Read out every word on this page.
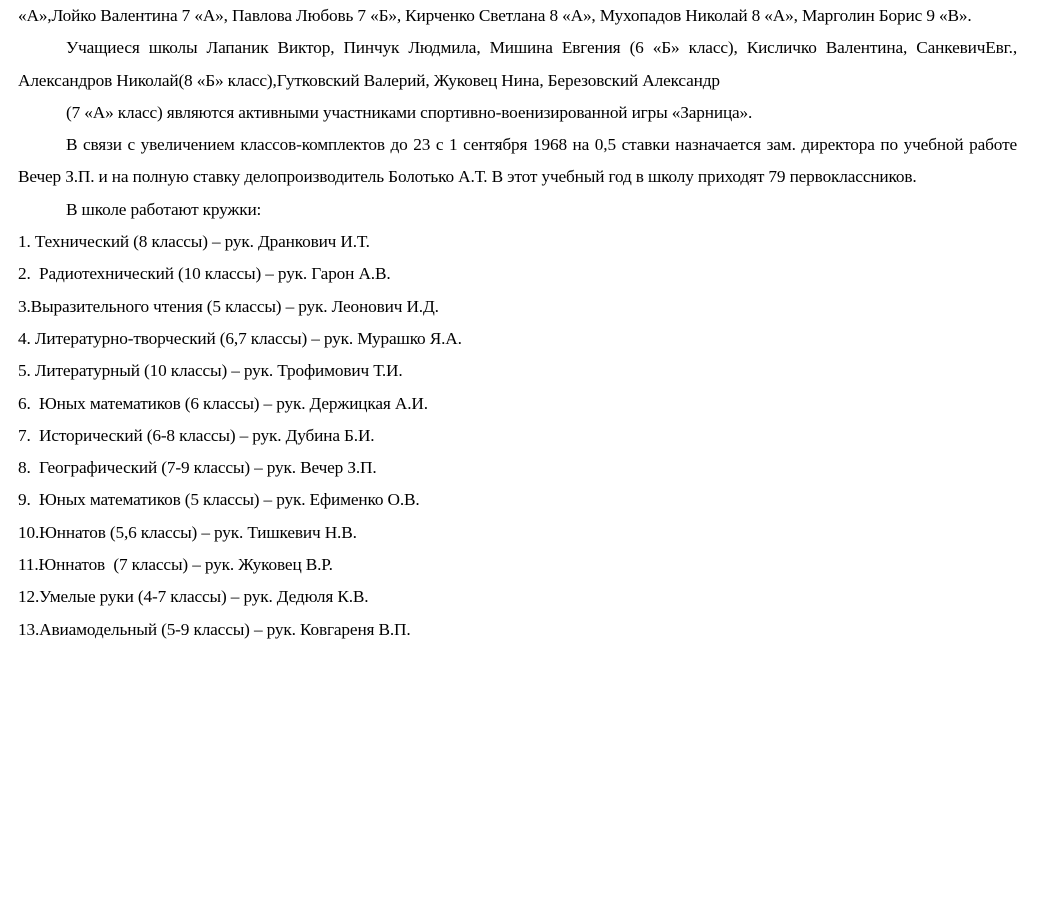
«А»,Лойко Валентина 7 «А», Павлова Любовь 7 «Б», Кирченко Светлана 8 «А», Мухопадов Николай 8 «А», Марголин Борис 9 «В».

Учащиеся школы Лапаник Виктор, Пинчук Людмила, Мишина Евгения (6 «Б» класс), Кисличко Валентина, СанкевичЕвг., Александров Николай(8 «Б» класс),Гутковский Валерий, Жуковец Нина, Березовский Александр
(7 «А» класс) являются активными участниками спортивно-военизированной игры «Зарница».

В связи с увеличением классов-комплектов до 23 с 1 сентября 1968 на 0,5 ставки назначается зам. директора по учебной работе Вечер З.П. и на полную ставку делопроизводитель Болотько А.Т. В этот учебный год в школу приходят 79 первоклассников.

В школе работают кружки:

1. Технический (8 классы) – рук. Дранкович И.Т.
2.  Радиотехнический (10 классы) – рук. Гарон А.В.
3.Выразительного чтения (5 классы) – рук. Леонович И.Д.
4. Литературно-творческий (6,7 классы) – рук. Мурашко Я.А.
5. Литературный (10 классы) – рук. Трофимович Т.И.
6.  Юных математиков (6 классы) – рук. Держицкая А.И.
7.  Исторический (6-8 классы) – рук. Дубина Б.И.
8.  Географический (7-9 классы) – рук. Вечер З.П.
9.  Юных математиков (5 классы) – рук. Ефименко О.В.
10.Юннатов (5,6 классы) – рук. Тишкевич Н.В.
11.Юннатов  (7 классы) – рук. Жуковец В.Р.
12.Умелые руки (4-7 классы) – рук. Дедюля К.В.
13.Авиамодельный (5-9 классы) – рук. Ковгареня В.П.
